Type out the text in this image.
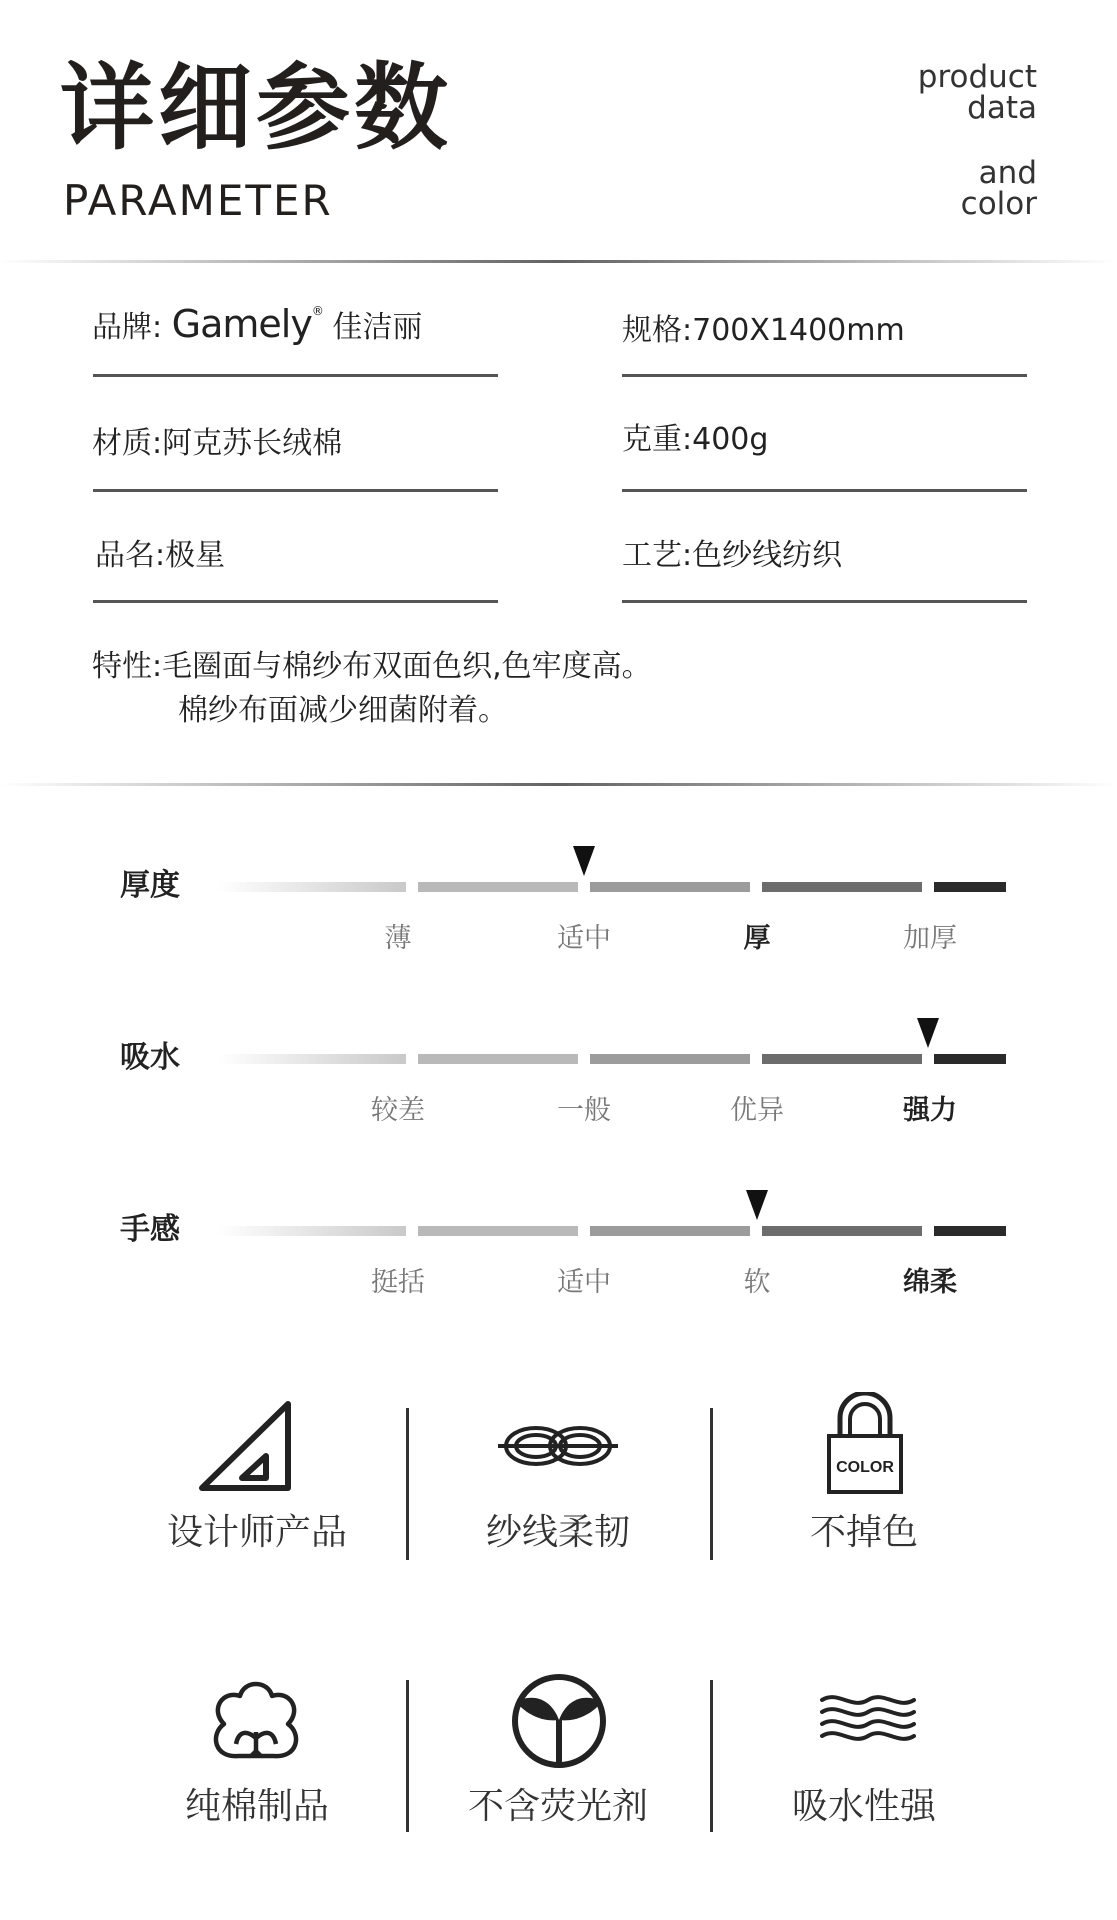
详细参数
PARAMETER
product
data
and
color
品牌: Gamely® 佳洁丽	规格:700X1400mm
材质:阿克苏长绒棉	克重:400g
品名:极星	工艺:色纱线纺织
特性:毛圈面与棉纱布双面色织,色牢度高。
棉纱布面减少细菌附着。
厚度
薄	适中	厚	加厚
吸水
较差	一般	优异	强力
手感
挺括	适中	软	绵柔
设计师产品	纱线柔韧
COLOR
不掉色
纯棉制品	不含荧光剂	吸水性强
